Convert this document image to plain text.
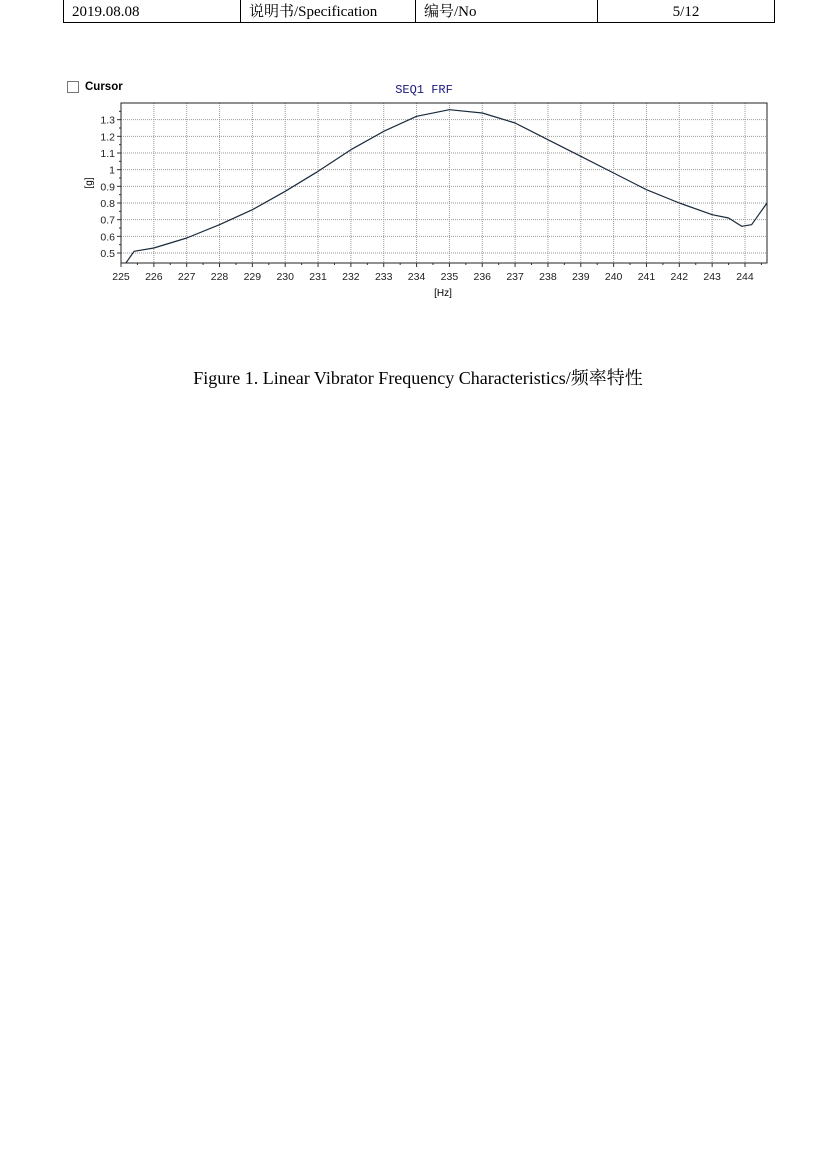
2019.08.08	说明书/Specification	编号/No	5/12
Cursor	SEQ1 FRF
[Hz]
[g]
225 226 227 228 229 230 231 232 233 234 235 236 237 238 239 240 241 242 243 244
0.5
0.6
0.7
0.8
0.9
1
1.1
1.2
1.3
Figure 1. Linear Vibrator Frequency Characteristics/频率特性
